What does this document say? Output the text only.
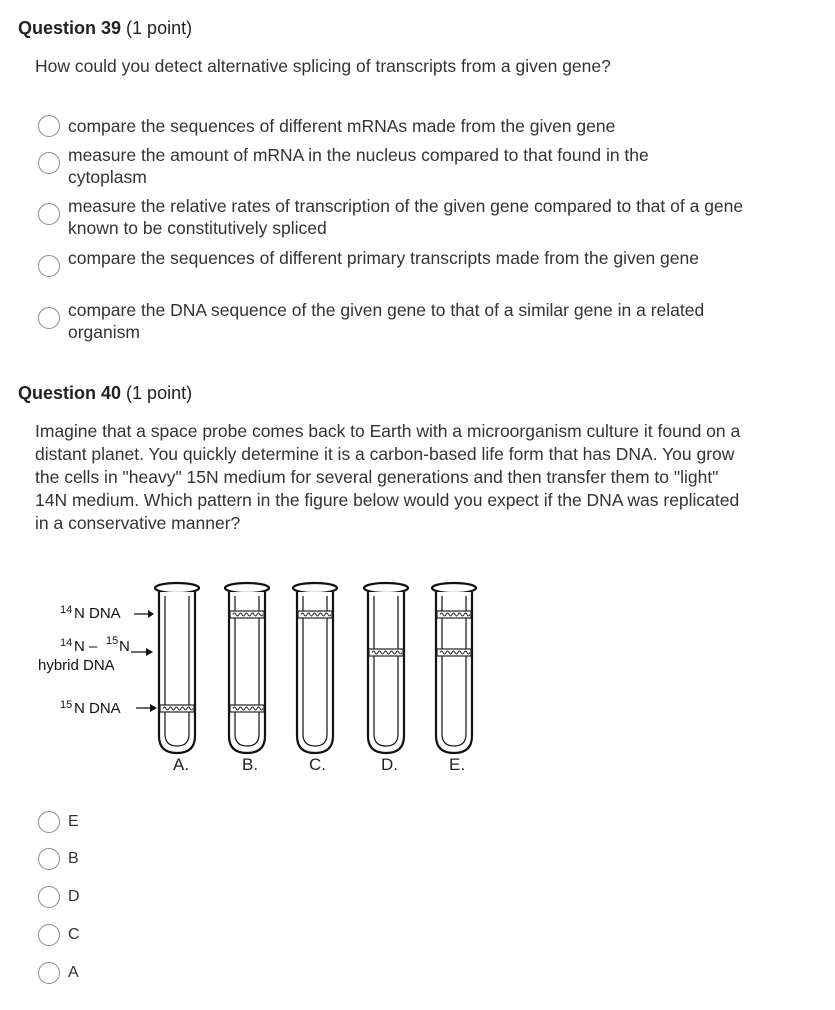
Question 39 (1 point)
How could you detect alternative splicing of transcripts from a given gene?
compare the sequences of different mRNAs made from the given gene
measure the amount of mRNA in the nucleus compared to that found in the cytoplasm
measure the relative rates of transcription of the given gene compared to that of a gene known to be constitutively spliced
compare the sequences of different primary transcripts made from the given gene
compare the DNA sequence of the given gene to that of a similar gene in a related organism
Question 40 (1 point)
Imagine that a space probe comes back to Earth with a microorganism culture it found on a distant planet. You quickly determine it is a carbon-based life form that has DNA. You grow the cells in "heavy" 15N medium for several generations and then transfer them to "light" 14N medium. Which pattern in the figure below would you expect if the DNA was replicated in a conservative manner?
14 N DNA
14 N – 15 N
hybrid DNA
15 N DNA
A.	B.	C.	D.	E.
E
B
D
C
A
